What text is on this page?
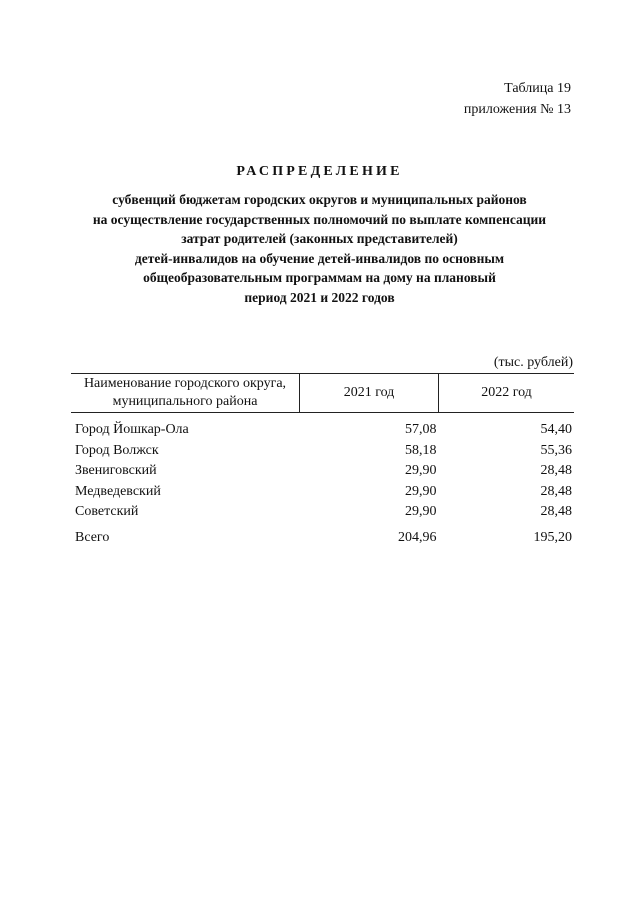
Таблица 19
приложения № 13
РАСПРЕДЕЛЕНИЕ
субвенций бюджетам городских округов и муниципальных районов
на осуществление государственных полномочий по выплате компенсации
затрат родителей (законных представителей)
детей-инвалидов на обучение детей-инвалидов по основным
общеобразовательным программам на дому на плановый
период 2021 и 2022 годов
(тыс. рублей)
Наименование городского округа,
муниципального района	2021 год	2022 год

Город Йошкар-Ола	57,08	54,40
Город Волжск	58,18	55,36
Звениговский	29,90	28,48
Медведевский	29,90	28,48
Советский	29,90	28,48

Всего	204,96	195,20
